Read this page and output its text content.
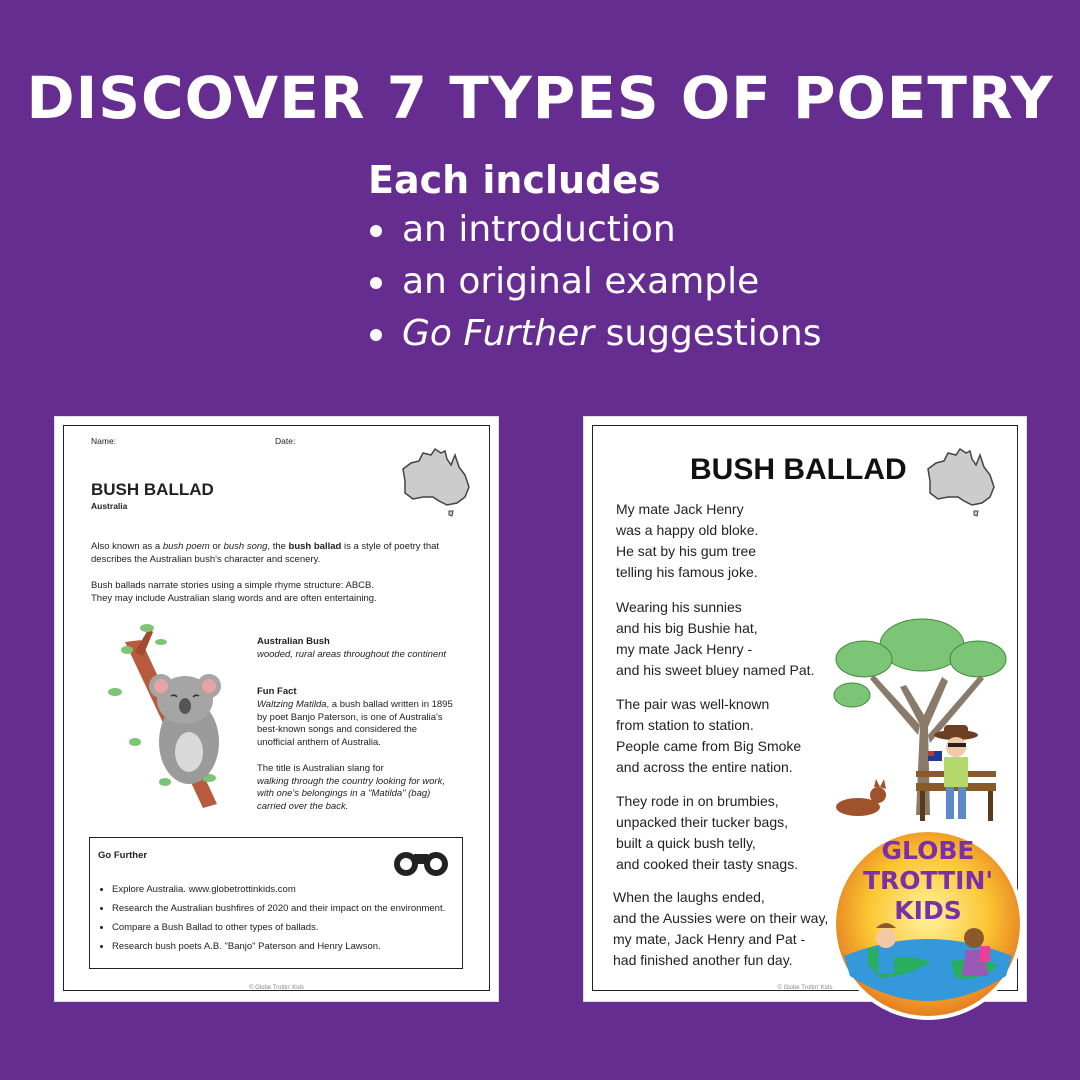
DISCOVER 7 TYPES OF POETRY
Each includes
an introduction
an original example
Go Further suggestions
Name:	Date:
BUSH BALLAD
Australia
Also known as a bush poem or bush song, the bush ballad is a style of poetry that
describes the Australian bush's character and scenery.
Bush ballads narrate stories using a simple rhyme structure: ABCB.
They may include Australian slang words and are often entertaining.
Australian Bush
wooded, rural areas throughout the continent
Fun Fact
Waltzing Matilda, a bush ballad written in 1895
by poet Banjo Paterson, is one of Australia's
best-known songs and considered the
unofficial anthem of Australia.
The title is Australian slang for
walking through the country looking for work,
with one's belongings in a "Matilda" (bag)
carried over the back.
Go Further
• Explore Australia. www.globetrottinkids.com
• Research the Australian bushfires of 2020 and their impact on the environment.
• Compare a Bush Ballad to other types of ballads.
• Research bush poets A.B. "Banjo" Paterson and Henry Lawson.
© Globe Trottin' Kids
BUSH BALLAD
My mate Jack Henry
was a happy old bloke.
He sat by his gum tree
telling his famous joke.
Wearing his sunnies
and his big Bushie hat,
my mate Jack Henry -
and his sweet bluey named Pat.
The pair was well-known
from station to station.
People came from Big Smoke
and across the entire nation.
They rode in on brumbies,
unpacked their tucker bags,
built a quick bush telly,
and cooked their tasty snags.
When the laughs ended,
and the Aussies were on their way,
my mate, Jack Henry and Pat -
had finished another fun day.
© Globe Trottin' Kids
GLOBE
TROTTIN'
KIDS
